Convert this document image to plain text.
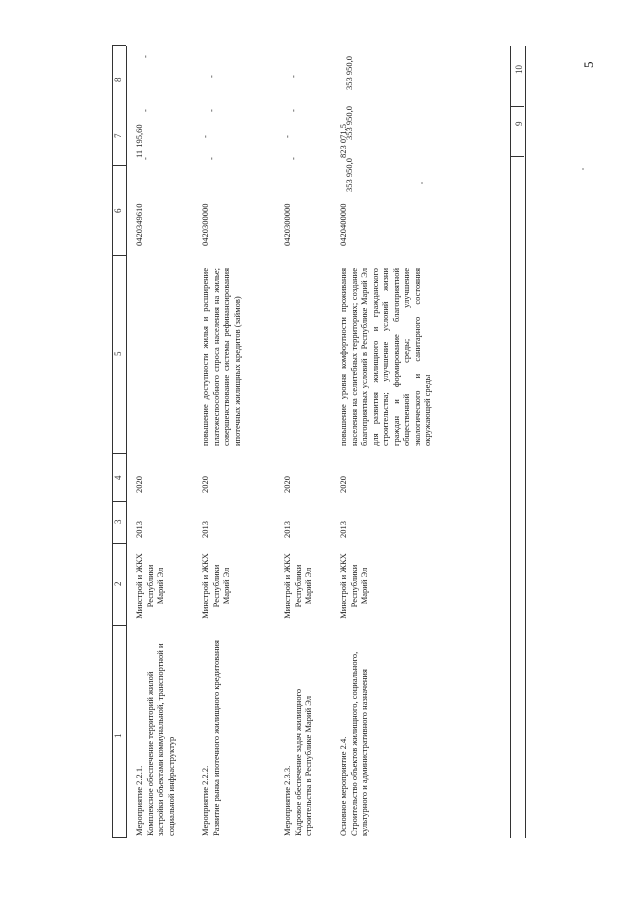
5
1
2
3
4
5
6
7
8
Мероприятие 2.2.1. Комплексное обеспечение территорий жилой застройки объектами коммунальной, транспортной и социальной инфраструктур
Минстрой и ЖКХ Республики Марий Эл
2013
2020
0420349610
11 195,60
Мероприятие 2.2.2. Развитие рынка ипотечного жилищного кредитования
Минстрой и ЖКХ Республики Марий Эл
2013
2020
повышение доступности жилья и расширение платежеспособного спроса населения на жилье; совершенствование системы рефинансирования ипотечных жилищных кредитов (займов)
0420300000
-
Мероприятие 2.3.3. Кадровое обеспечение задач жилищного строительства в Республике Марий Эл
Минстрой и ЖКХ Республики Марий Эл
2013
2020
0420300000
-
Основное мероприятие 2.4. Строительство объектов жилищного, социального, культурного и административного назначения
Минстрой и ЖКХ Республики Марий Эл
2013
2020
повышение уровня комфортности проживания населения на селитебных территориях; создание благоприятных условий в Республике Марий Эл для развития жилищного и гражданского строительства; улучшение условий жизни граждан и формирование благоприятной общественной среды; улучшение экологического и санитарного состояния окружающей среды
0420400000
823 071,5
10
9
-
-
-
-
-
-
-
-
-
353 950,0
353 950,0
353 950,0
